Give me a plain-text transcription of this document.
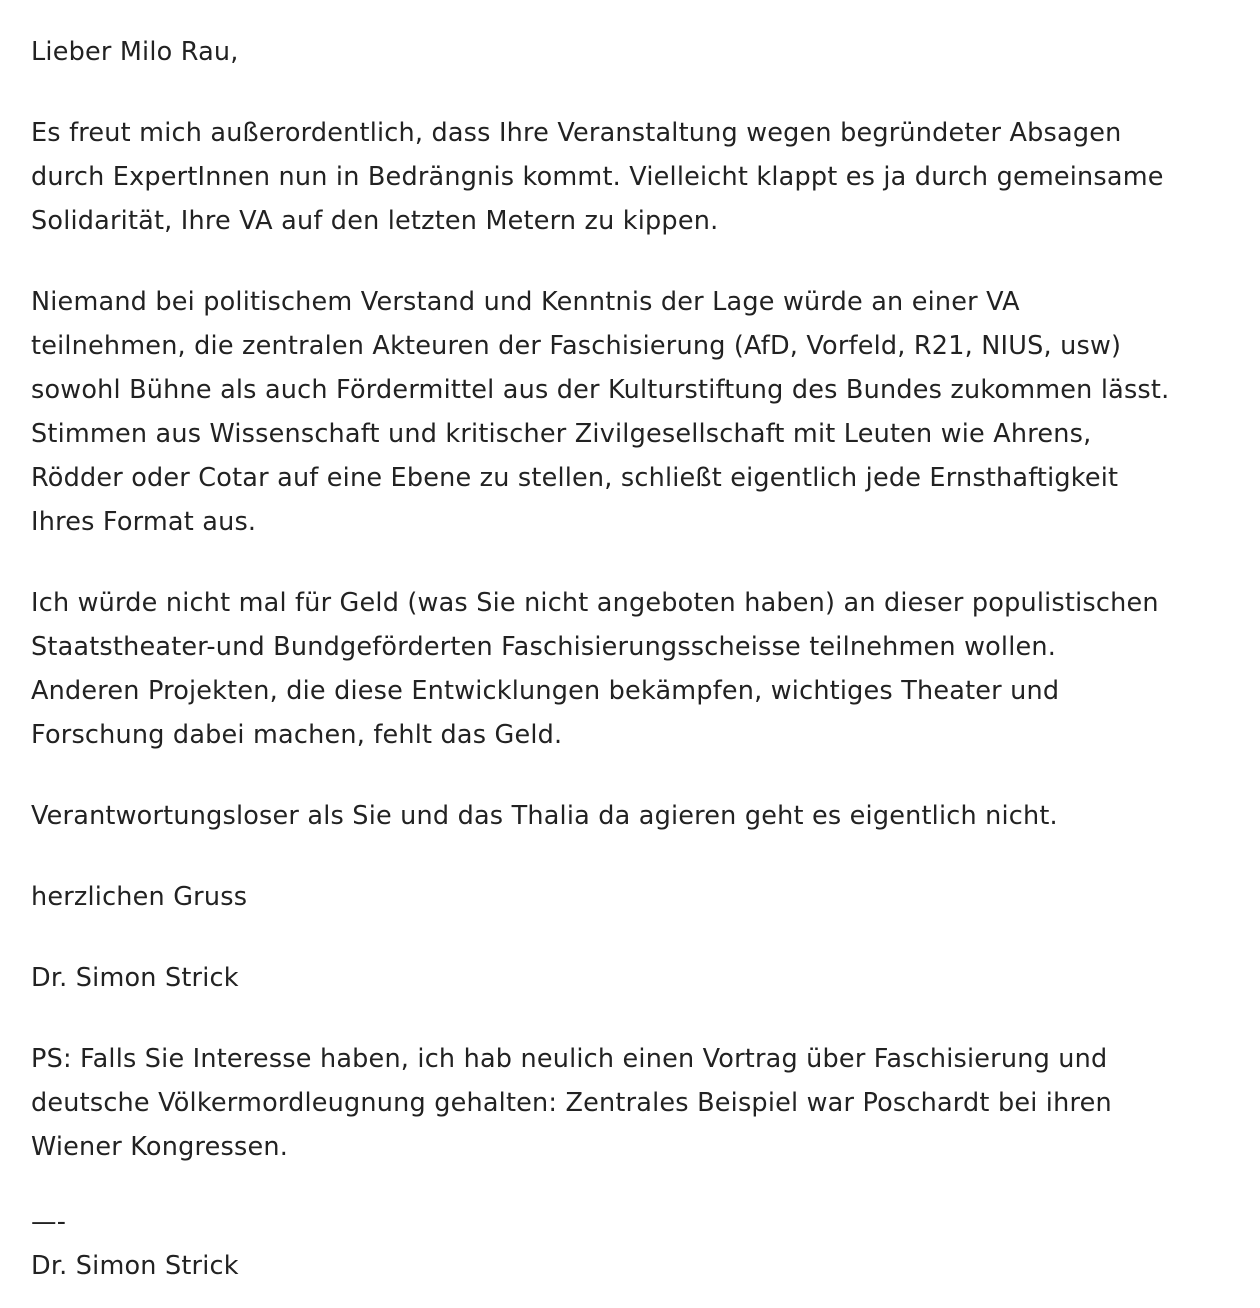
Lieber Milo Rau,

Es freut mich außerordentlich, dass Ihre Veranstaltung wegen begründeter Absagen
durch ExpertInnen nun in Bedrängnis kommt. Vielleicht klappt es ja durch gemeinsame
Solidarität, Ihre VA auf den letzten Metern zu kippen.

Niemand bei politischem Verstand und Kenntnis der Lage würde an einer VA
teilnehmen, die zentralen Akteuren der Faschisierung (AfD, Vorfeld, R21, NIUS, usw)
sowohl Bühne als auch Fördermittel aus der Kulturstiftung des Bundes zukommen lässt.
Stimmen aus Wissenschaft und kritischer Zivilgesellschaft mit Leuten wie Ahrens,
Rödder oder Cotar auf eine Ebene zu stellen, schließt eigentlich jede Ernsthaftigkeit
Ihres Format aus.

Ich würde nicht mal für Geld (was Sie nicht angeboten haben) an dieser populistischen
Staatstheater-und Bundgeförderten Faschisierungsscheisse teilnehmen wollen.
Anderen Projekten, die diese Entwicklungen bekämpfen, wichtiges Theater und
Forschung dabei machen, fehlt das Geld.

Verantwortungsloser als Sie und das Thalia da agieren geht es eigentlich nicht.

herzlichen Gruss

Dr. Simon Strick

PS: Falls Sie Interesse haben, ich hab neulich einen Vortrag über Faschisierung und
deutsche Völkermordleugnung gehalten: Zentrales Beispiel war Poschardt bei ihren
Wiener Kongressen.

—-

Dr. Simon Strick
